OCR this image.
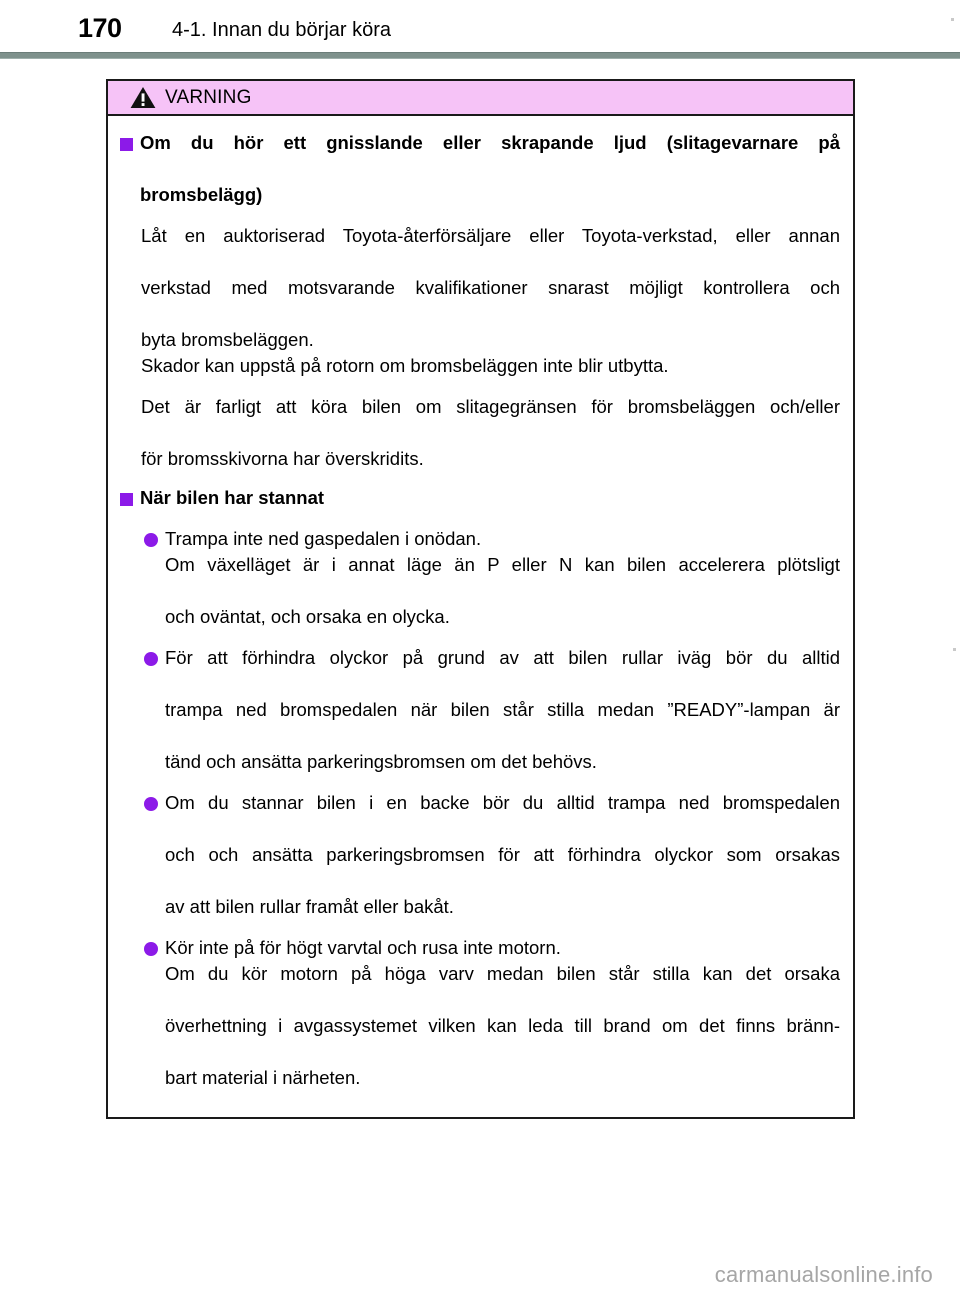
170	4-1. Innan du börjar köra
VARNING
Om du hör ett gnisslande eller skrapande ljud (slitagevarnare på
bromsbelägg)
Låt en auktoriserad Toyota-återförsäljare eller Toyota-verkstad, eller annan
verkstad med motsvarande kvalifikationer snarast möjligt kontrollera och
byta bromsbeläggen.
Skador kan uppstå på rotorn om bromsbeläggen inte blir utbytta.
Det är farligt att köra bilen om slitagegränsen för bromsbeläggen och/eller
för bromsskivorna har överskridits.
När bilen har stannat
Trampa inte ned gaspedalen i onödan.
Om växelläget är i annat läge än P eller N kan bilen accelerera plötsligt
och oväntat, och orsaka en olycka.
För att förhindra olyckor på grund av att bilen rullar iväg bör du alltid
trampa ned bromspedalen när bilen står stilla medan ”READY”-lampan är
tänd och ansätta parkeringsbromsen om det behövs.
Om du stannar bilen i en backe bör du alltid trampa ned bromspedalen
och och ansätta parkeringsbromsen för att förhindra olyckor som orsakas
av att bilen rullar framåt eller bakåt.
Kör inte på för högt varvtal och rusa inte motorn.
Om du kör motorn på höga varv medan bilen står stilla kan det orsaka
överhettning i avgassystemet vilken kan leda till brand om det finns bränn-
bart material i närheten.
carmanualsonline.info
